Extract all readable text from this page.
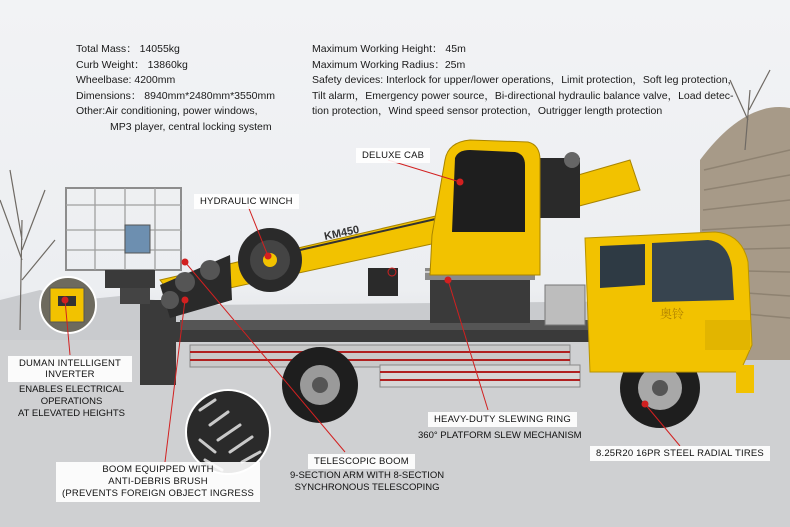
奥铃
KM450
Total Mass： 14055kg
Curb Weight： 13860kg
Wheelbase: 4200mm
Dimensions： 8940mm*2480mm*3550mm
Other:Air conditioning, power windows,
MP3 player, central locking system
Maximum Working Height： 45m
Maximum Working Radius：25m
Safety devices: Interlock for upper/lower operations，Limit protection，Soft leg protection，
Tilt alarm，Emergency power source，Bi-directional hydraulic balance valve，Load detec-
tion protection，Wind speed sensor protection，Outrigger length protection
DELUXE CAB
HYDRAULIC WINCH
DUMAN INTELLIGENT INVERTER
ENABLES ELECTRICAL
OPERATIONS
AT ELEVATED HEIGHTS
HEAVY-DUTY SLEWING RING
360° PLATFORM SLEW MECHANISM
8.25R20 16PR STEEL RADIAL TIRES
TELESCOPIC BOOM
9-SECTION ARM WITH 8-SECTION
SYNCHRONOUS TELESCOPING
BOOM EQUIPPED WITH
ANTI-DEBRIS BRUSH
(PREVENTS FOREIGN OBJECT INGRESS
